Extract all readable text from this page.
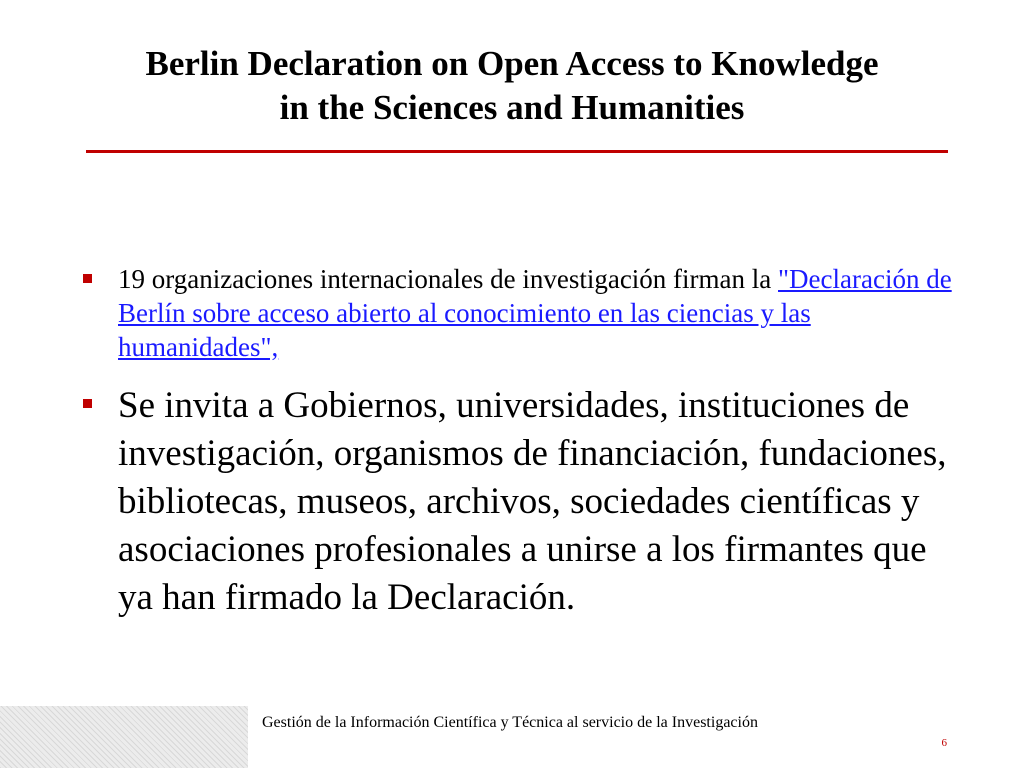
Berlin Declaration on Open Access to Knowledge
in the Sciences and Humanities
19 organizaciones internacionales de investigación firman la "Declaración de Berlín sobre acceso abierto al conocimiento en las ciencias y las humanidades",
Se invita a Gobiernos, universidades, instituciones de investigación, organismos de financiación, fundaciones, bibliotecas, museos, archivos, sociedades científicas y asociaciones profesionales a unirse a los firmantes que ya han firmado la Declaración.
Gestión de la Información Científica y Técnica al servicio de la Investigación
6
